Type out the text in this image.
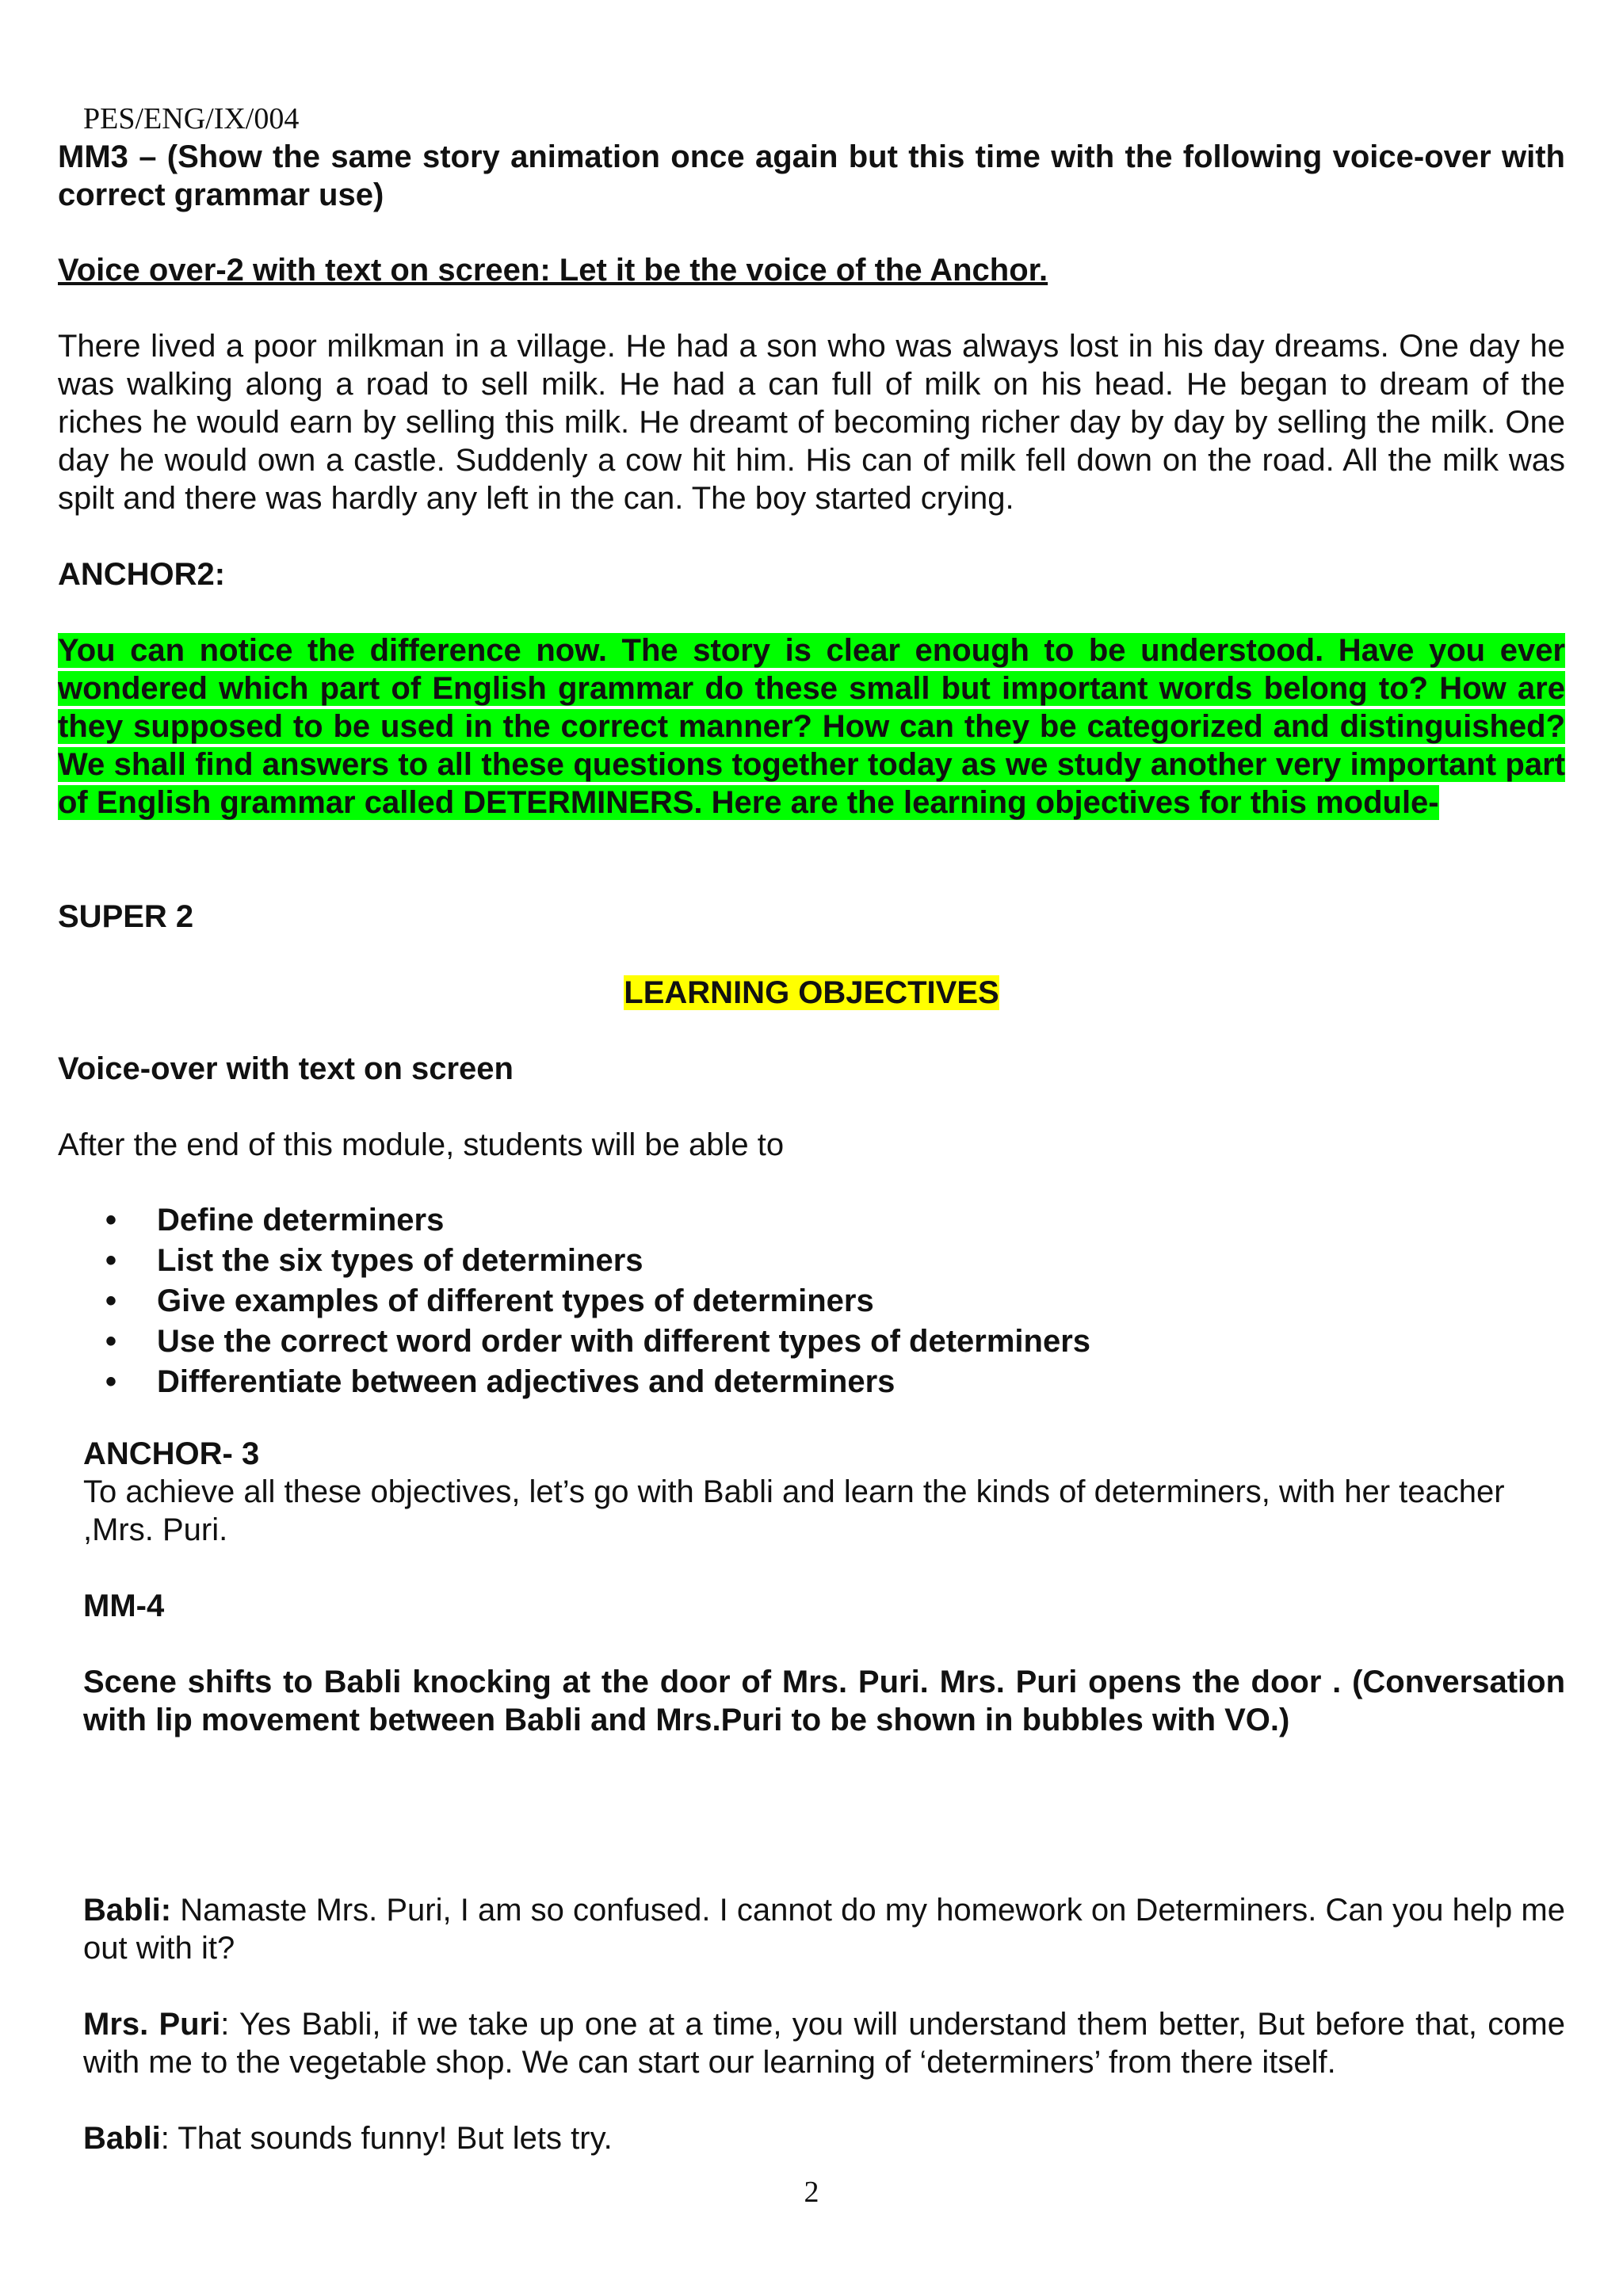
PES/ENG/IX/004

MM3 – (Show the same story animation once again but this time with the following voice-over with correct grammar use)

Voice over-2 with text on screen: Let it be the voice of the Anchor.

There lived a poor milkman in a village. He had a son who was always lost in his day dreams. One day he was walking along a road to sell milk. He had a can full of milk on his head. He began to dream of the riches he would earn by selling this milk. He dreamt of becoming richer day by day by selling the milk. One day he would own a castle. Suddenly a cow hit him. His can of milk fell down on the road. All the milk was spilt and there was hardly any left in the can. The boy started crying.

ANCHOR2:

You can notice the difference now. The story is clear enough to be understood. Have you ever wondered which part of English grammar do these small but important words belong to? How are they supposed to be used in the correct manner? How can they be categorized and distinguished? We shall find answers to all these questions together today as we study another very important part of English grammar called DETERMINERS. Here are the learning objectives for this module-

SUPER 2

LEARNING OBJECTIVES

Voice-over with text on screen

After the end of this module, students will be able to

• Define determiners
• List the six types of determiners
• Give examples of different types of determiners
• Use the correct word order with different types of determiners
• Differentiate between adjectives and determiners

ANCHOR- 3

To achieve all these objectives, let’s go with Babli and learn the kinds of determiners, with her teacher ,Mrs. Puri.

MM-4

Scene shifts to Babli knocking at the door of Mrs. Puri. Mrs. Puri opens the door . (Conversation with lip movement between Babli and Mrs.Puri to be shown in bubbles with VO.)

Babli: Namaste Mrs. Puri, I am so confused. I cannot do my homework on Determiners. Can you help me out with it?

Mrs. Puri: Yes Babli, if we take up one at a time, you will understand them better, But before that, come with me to the vegetable shop. We can start our learning of ‘determiners’ from there itself.

Babli: That sounds funny! But lets try.

2
